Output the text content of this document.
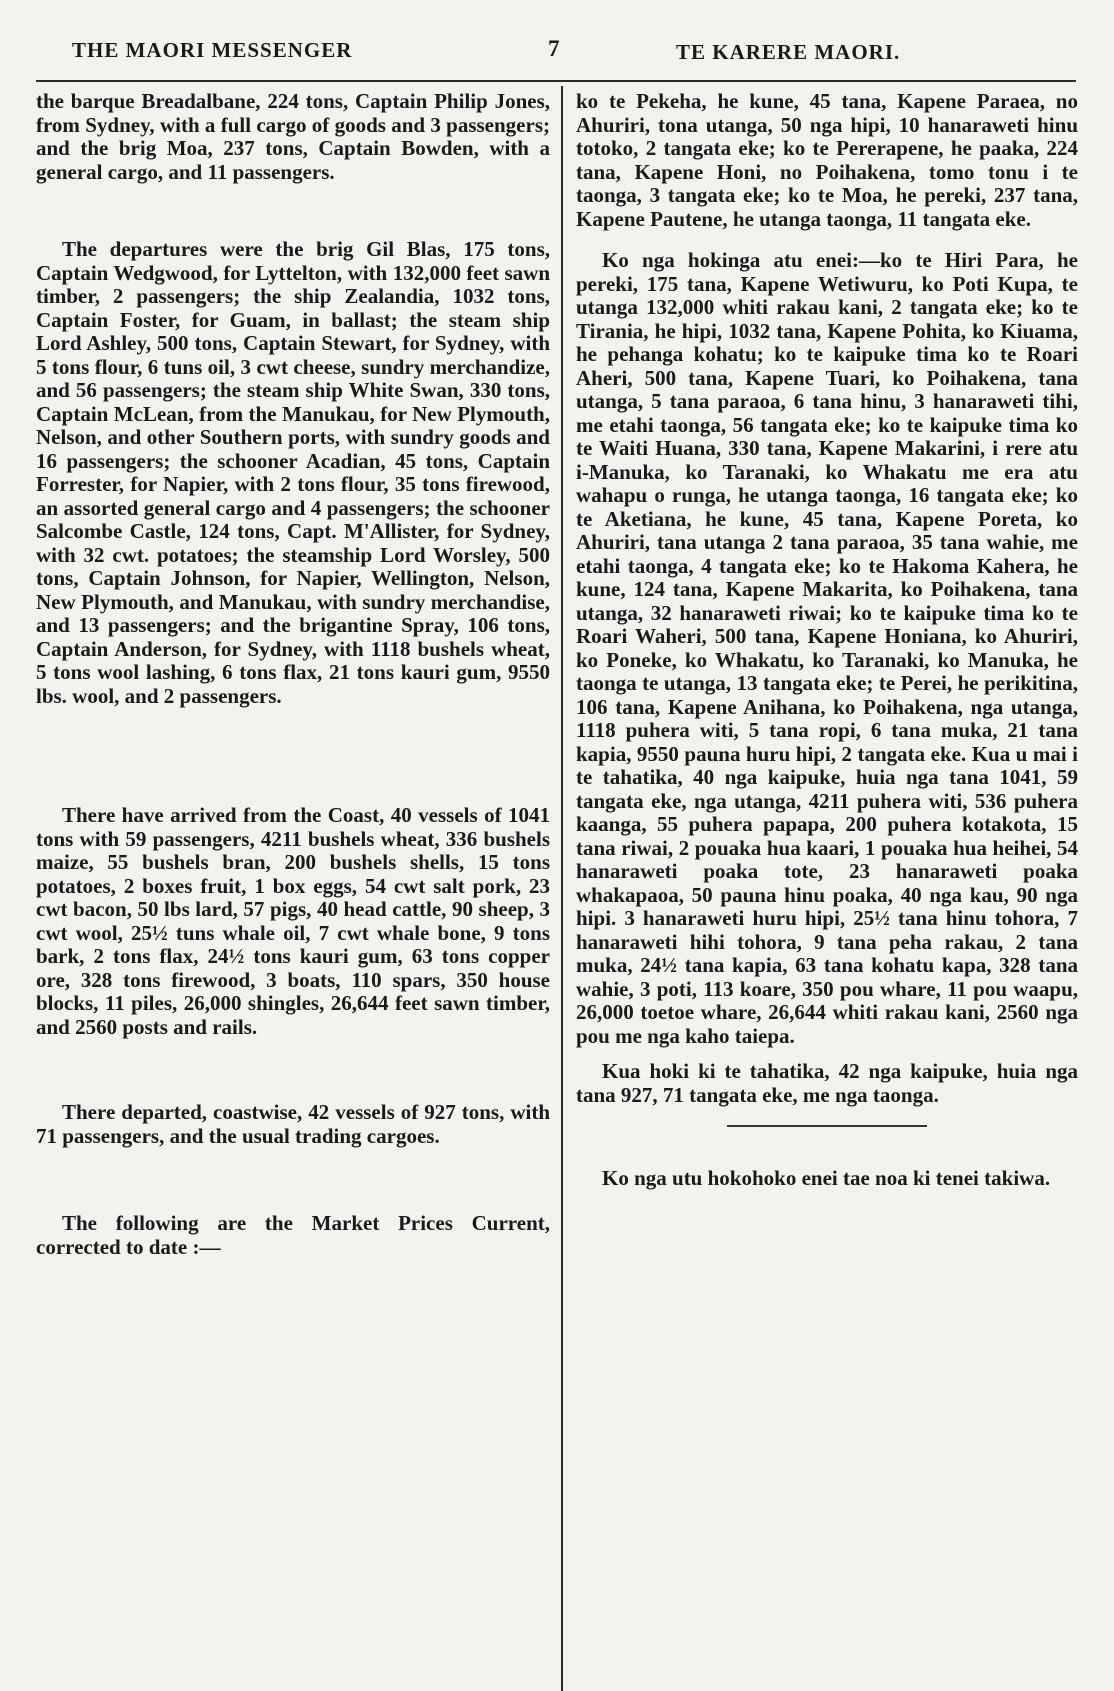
THE MAORI MESSENGER	7	TE KARERE MAORI.

the barque Breadalbane, 224 tons, Captain Philip Jones, from Sydney, with a full cargo of goods and 3 passengers; and the brig Moa, 237 tons, Captain Bowden, with a general cargo, and 11 passengers.

The departures were the brig Gil Blas, 175 tons, Captain Wedgwood, for Lyttelton, with 132,000 feet sawn timber, 2 passengers; the ship Zealandia, 1032 tons, Captain Foster, for Guam, in ballast; the steam ship Lord Ashley, 500 tons, Captain Stewart, for Sydney, with 5 tons flour, 6 tuns oil, 3 cwt cheese, sundry merchandize, and 56 passengers; the steam ship White Swan, 330 tons, Captain McLean, from the Manukau, for New Plymouth, Nelson, and other Southern ports, with sundry goods and 16 passengers; the schooner Acadian, 45 tons, Captain Forrester, for Napier, with 2 tons flour, 35 tons firewood, an assorted general cargo and 4 passengers; the schooner Salcombe Castle, 124 tons, Capt. M'Allister, for Sydney, with 32 cwt. potatoes; the steamship Lord Worsley, 500 tons, Captain Johnson, for Napier, Wellington, Nelson, New Plymouth, and Manukau, with sundry merchandise, and 13 passengers; and the brigantine Spray, 106 tons, Captain Anderson, for Sydney, with 1118 bushels wheat, 5 tons wool lashing, 6 tons flax, 21 tons kauri gum, 9550 lbs. wool, and 2 passengers.

There have arrived from the Coast, 40 vessels of 1041 tons with 59 passengers, 4211 bushels wheat, 336 bushels maize, 55 bushels bran, 200 bushels shells, 15 tons potatoes, 2 boxes fruit, 1 box eggs, 54 cwt salt pork, 23 cwt bacon, 50 lbs lard, 57 pigs, 40 head cattle, 90 sheep, 3 cwt wool, 25½ tuns whale oil, 7 cwt whale bone, 9 tons bark, 2 tons flax, 24½ tons kauri gum, 63 tons copper ore, 328 tons firewood, 3 boats, 110 spars, 350 house blocks, 11 piles, 26,000 shingles, 26,644 feet sawn timber, and 2560 posts and rails.

There departed, coastwise, 42 vessels of 927 tons, with 71 passengers, and the usual trading cargoes.

The following are the Market Prices Current, corrected to date :—

ko te Pekeha, he kune, 45 tana, Kapene Paraea, no Ahuriri, tona utanga, 50 nga hipi, 10 hanaraweti hinu totoko, 2 tangata eke; ko te Pererapene, he paaka, 224 tana, Kapene Honi, no Poihakena, tomo tonu i te taonga, 3 tangata eke; ko te Moa, he pereki, 237 tana, Kapene Pautene, he utanga taonga, 11 tangata eke.

Ko nga hokinga atu enei:—ko te Hiri Para, he pereki, 175 tana, Kapene Wetiwuru, ko Poti Kupa, te utanga 132,000 whiti rakau kani, 2 tangata eke; ko te Tirania, he hipi, 1032 tana, Kapene Pohita, ko Kiuama, he pehanga kohatu; ko te kaipuke tima ko te Roari Aheri, 500 tana, Kapene Tuari, ko Poihakena, tana utanga, 5 tana paraoa, 6 tana hinu, 3 hanaraweti tihi, me etahi taonga, 56 tangata eke; ko te kaipuke tima ko te Waiti Huana, 330 tana, Kapene Makarini, i rere atu i-Manuka, ko Taranaki, ko Whakatu me era atu wahapu o runga, he utanga taonga, 16 tangata eke; ko te Aketiana, he kune, 45 tana, Kapene Poreta, ko Ahuriri, tana utanga 2 tana paraoa, 35 tana wahie, me etahi taonga, 4 tangata eke; ko te Hakoma Kahera, he kune, 124 tana, Kapene Makarita, ko Poihakena, tana utanga, 32 hanaraweti riwai; ko te kaipuke tima ko te Roari Waheri, 500 tana, Kapene Honiana, ko Ahuriri, ko Poneke, ko Whakatu, ko Taranaki, ko Manuka, he taonga te utanga, 13 tangata eke; te Perei, he perikitina, 106 tana, Kapene Anihana, ko Poihakena, nga utanga, 1118 puhera witi, 5 tana ropi, 6 tana muka, 21 tana kapia, 9550 pauna huru hipi, 2 tangata eke. Kua u mai i te tahatika, 40 nga kaipuke, huia nga tana 1041, 59 tangata eke, nga utanga, 4211 puhera witi, 536 puhera kaanga, 55 puhera papapa, 200 puhera kotakota, 15 tana riwai, 2 pouaka hua kaari, 1 pouaka hua heihei, 54 hanaraweti poaka tote, 23 hanaraweti poaka whakapaoa, 50 pauna hinu poaka, 40 nga kau, 90 nga hipi. 3 hanaraweti huru hipi, 25½ tana hinu tohora, 7 hanaraweti hihi tohora, 9 tana peha rakau, 2 tana muka, 24½ tana kapia, 63 tana kohatu kapa, 328 tana wahie, 3 poti, 113 koare, 350 pou whare, 11 pou waapu, 26,000 toetoe whare, 26,644 whiti rakau kani, 2560 nga pou me nga kaho taiepa.

Kua hoki ki te tahatika, 42 nga kaipuke, huia nga tana 927, 71 tangata eke, me nga taonga.

Ko nga utu hokohoko enei tae noa ki tenei takiwa.
